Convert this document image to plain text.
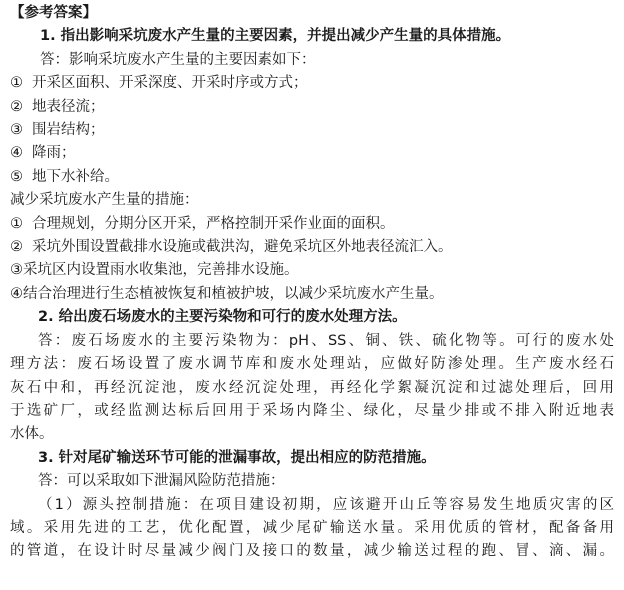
【参考答案】
1. 指出影响采坑废水产生量的主要因素，并提出减少产生量的具体措施。
答：影响采坑废水产生量的主要因素如下：
① 开采区面积、开采深度、开采时序或方式；
② 地表径流；
③ 围岩结构；
④ 降雨；
⑤ 地下水补给。
减少采坑废水产生量的措施：
① 合理规划，分期分区开采，严格控制开采作业面的面积。
② 采坑外围设置截排水设施或截洪沟，避免采坑区外地表径流汇入。
③采坑区内设置雨水收集池，完善排水设施。
④结合治理进行生态植被恢复和植被护坡，以减少采坑废水产生量。
2. 给出废石场废水的主要污染物和可行的废水处理方法。
答：废石场废水的主要污染物为：pH、SS、铜、铁、硫化物等。可行的废水处
理方法：废石场设置了废水调节库和废水处理站，应做好防渗处理。生产废水经石
灰石中和，再经沉淀池，废水经沉淀处理，再经化学絮凝沉淀和过滤处理后，回用
于选矿厂，或经监测达标后回用于采场内降尘、绿化，尽量少排或不排入附近地表
水体。
3. 针对尾矿输送环节可能的泄漏事故，提出相应的防范措施。
答：可以采取如下泄漏风险防范措施：
（1）源头控制措施：在项目建设初期，应该避开山丘等容易发生地质灾害的区
域。采用先进的工艺，优化配置，减少尾矿输送水量。采用优质的管材，配备备用
的管道，在设计时尽量减少阀门及接口的数量，减少输送过程的跑、冒、滴、漏。
